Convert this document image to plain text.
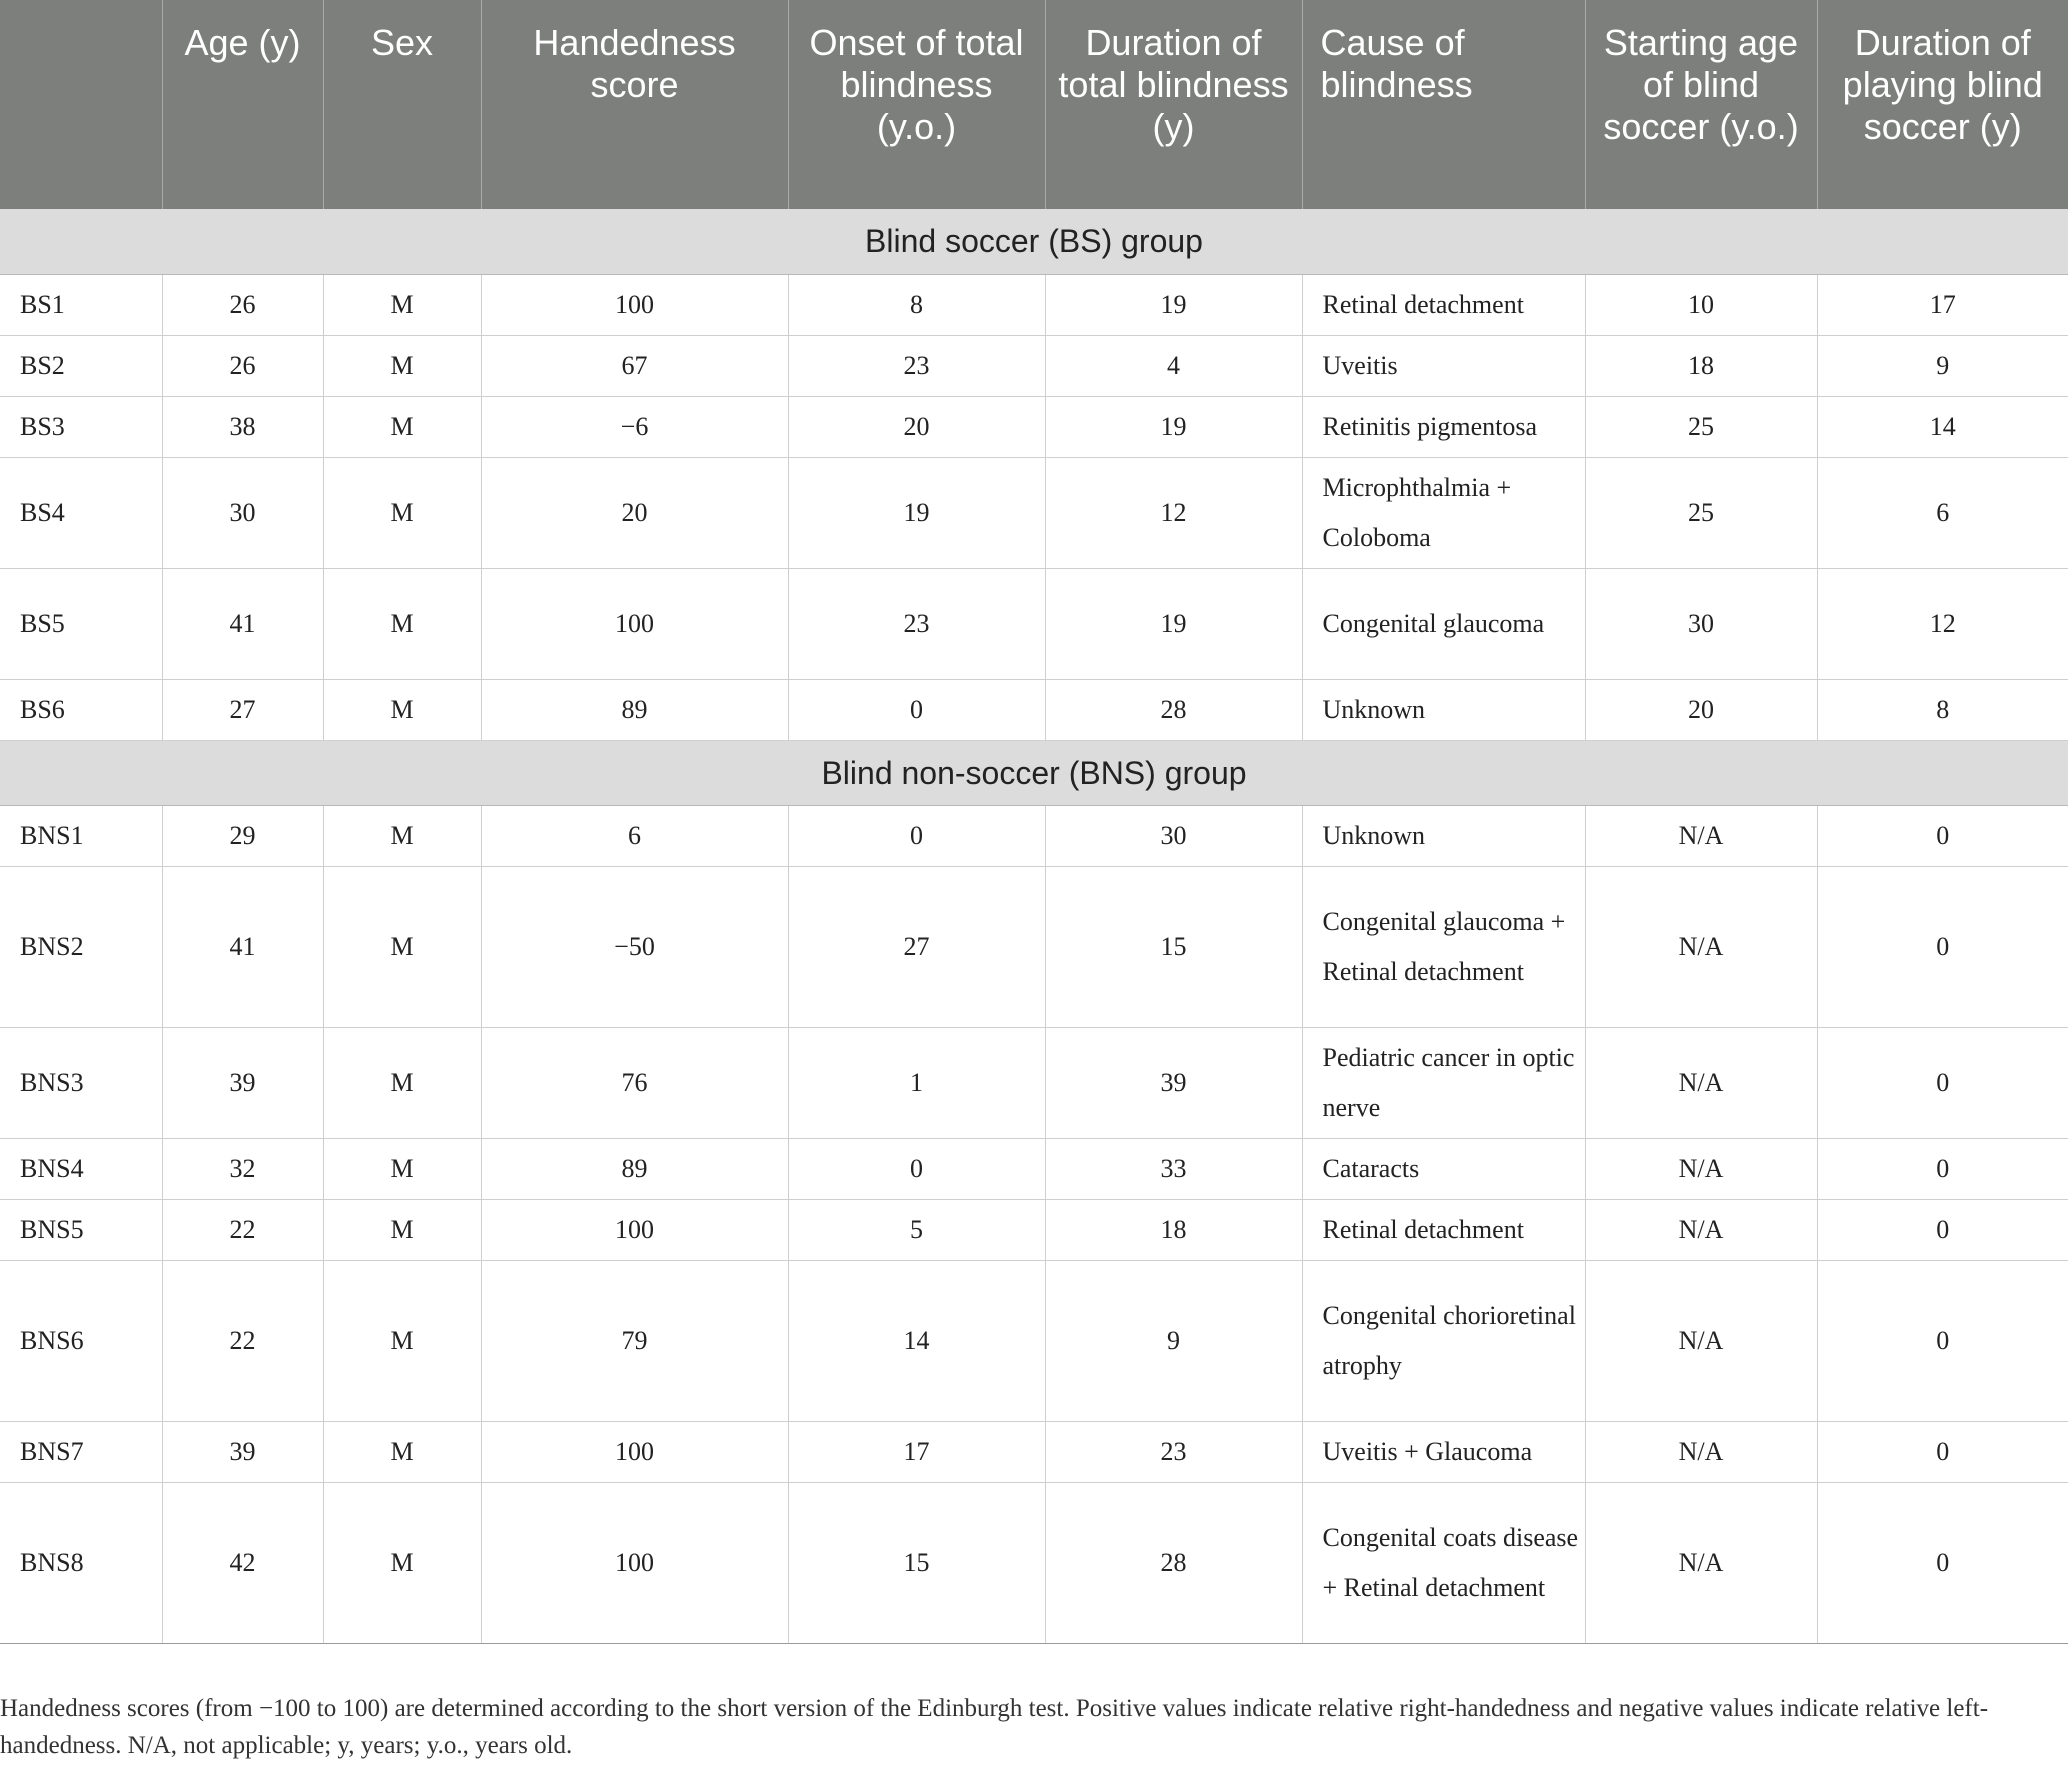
	Age (y)	Sex	Handedness score	Onset of total blindness (y.o.)	Duration of total blindness (y)	Cause of blindness	Starting age of blind soccer (y.o.)	Duration of playing blind soccer (y)
Blind soccer (BS) group								
BS1	26	M	100	8	19	Retinal detachment	10	17
BS2	26	M	67	23	4	Uveitis	18	9
BS3	38	M	−6	20	19	Retinitis pigmentosa	25	14
BS4	30	M	20	19	12	Microphthalmia + Coloboma	25	6
BS5	41	M	100	23	19	Congenital glaucoma	30	12
BS6	27	M	89	0	28	Unknown	20	8
Blind non-soccer (BNS) group								
BNS1	29	M	6	0	30	Unknown	N/A	0
BNS2	41	M	−50	27	15	Congenital glaucoma + Retinal detachment	N/A	0
BNS3	39	M	76	1	39	Pediatric cancer in optic nerve	N/A	0
BNS4	32	M	89	0	33	Cataracts	N/A	0
BNS5	22	M	100	5	18	Retinal detachment	N/A	0
BNS6	22	M	79	14	9	Congenital chorioretinal atrophy	N/A	0
BNS7	39	M	100	17	23	Uveitis + Glaucoma	N/A	0
BNS8	42	M	100	15	28	Congenital coats disease + Retinal detachment	N/A	0
Handedness scores (from −100 to 100) are determined according to the short version of the Edinburgh test. Positive values indicate relative right-handedness and negative values indicate relative left-handedness. N/A, not applicable; y, years; y.o., years old.
